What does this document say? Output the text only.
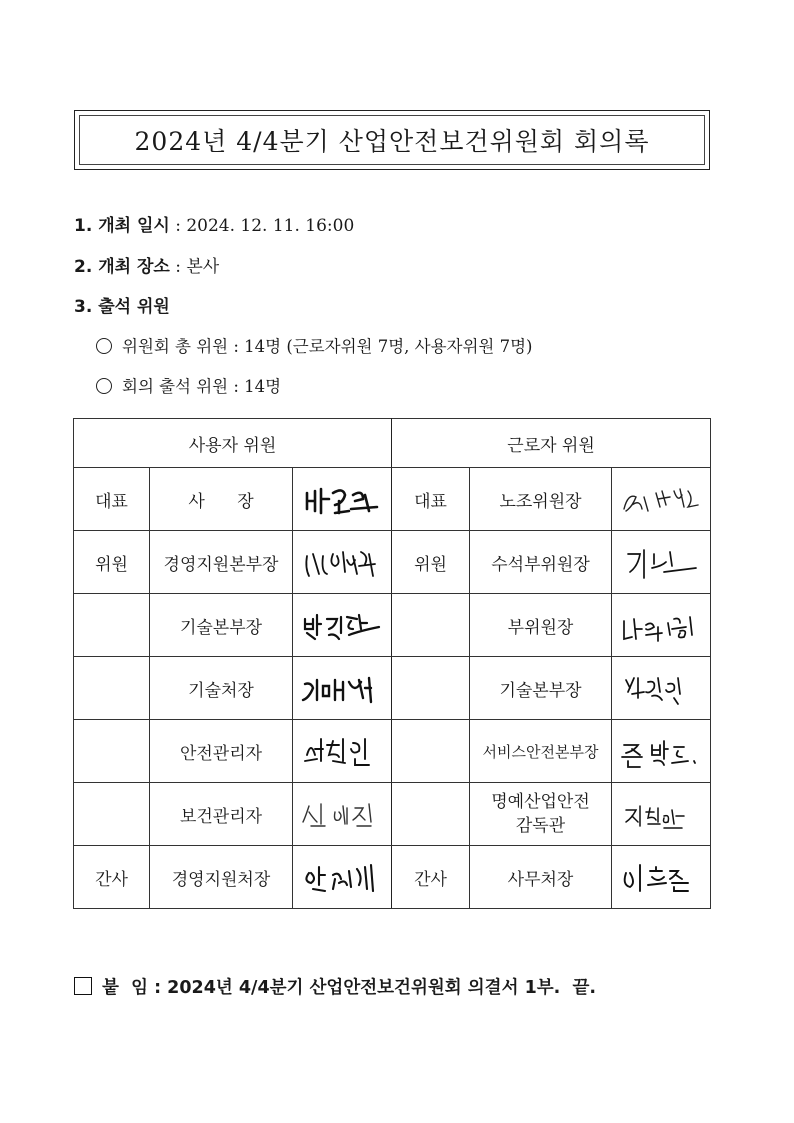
2024년 4/4분기 산업안전보건위원회 회의록
1. 개최 일시 : 2024. 12. 11. 16:00
2. 개최 장소 : 본사
3. 출석 위원
위원회 총 위원 : 14명 (근로자위원 7명, 사용자위원 7명)
회의 출석 위원 : 14명
사용자 위원			근로자 위원		
대표	사      장		대표	노조위원장	

위원	경영지원본부장		위원	수석부위원장	

	기술본부장			부위원장	

	기술처장			기술본부장	

	안전관리자			서비스안전본부장	

	보건관리자			명예산업안전
감독관

간사	경영지원처장		간사	사무처장	
붙  임 : 2024년 4/4분기 산업안전보건위원회 의결서 1부.  끝.
